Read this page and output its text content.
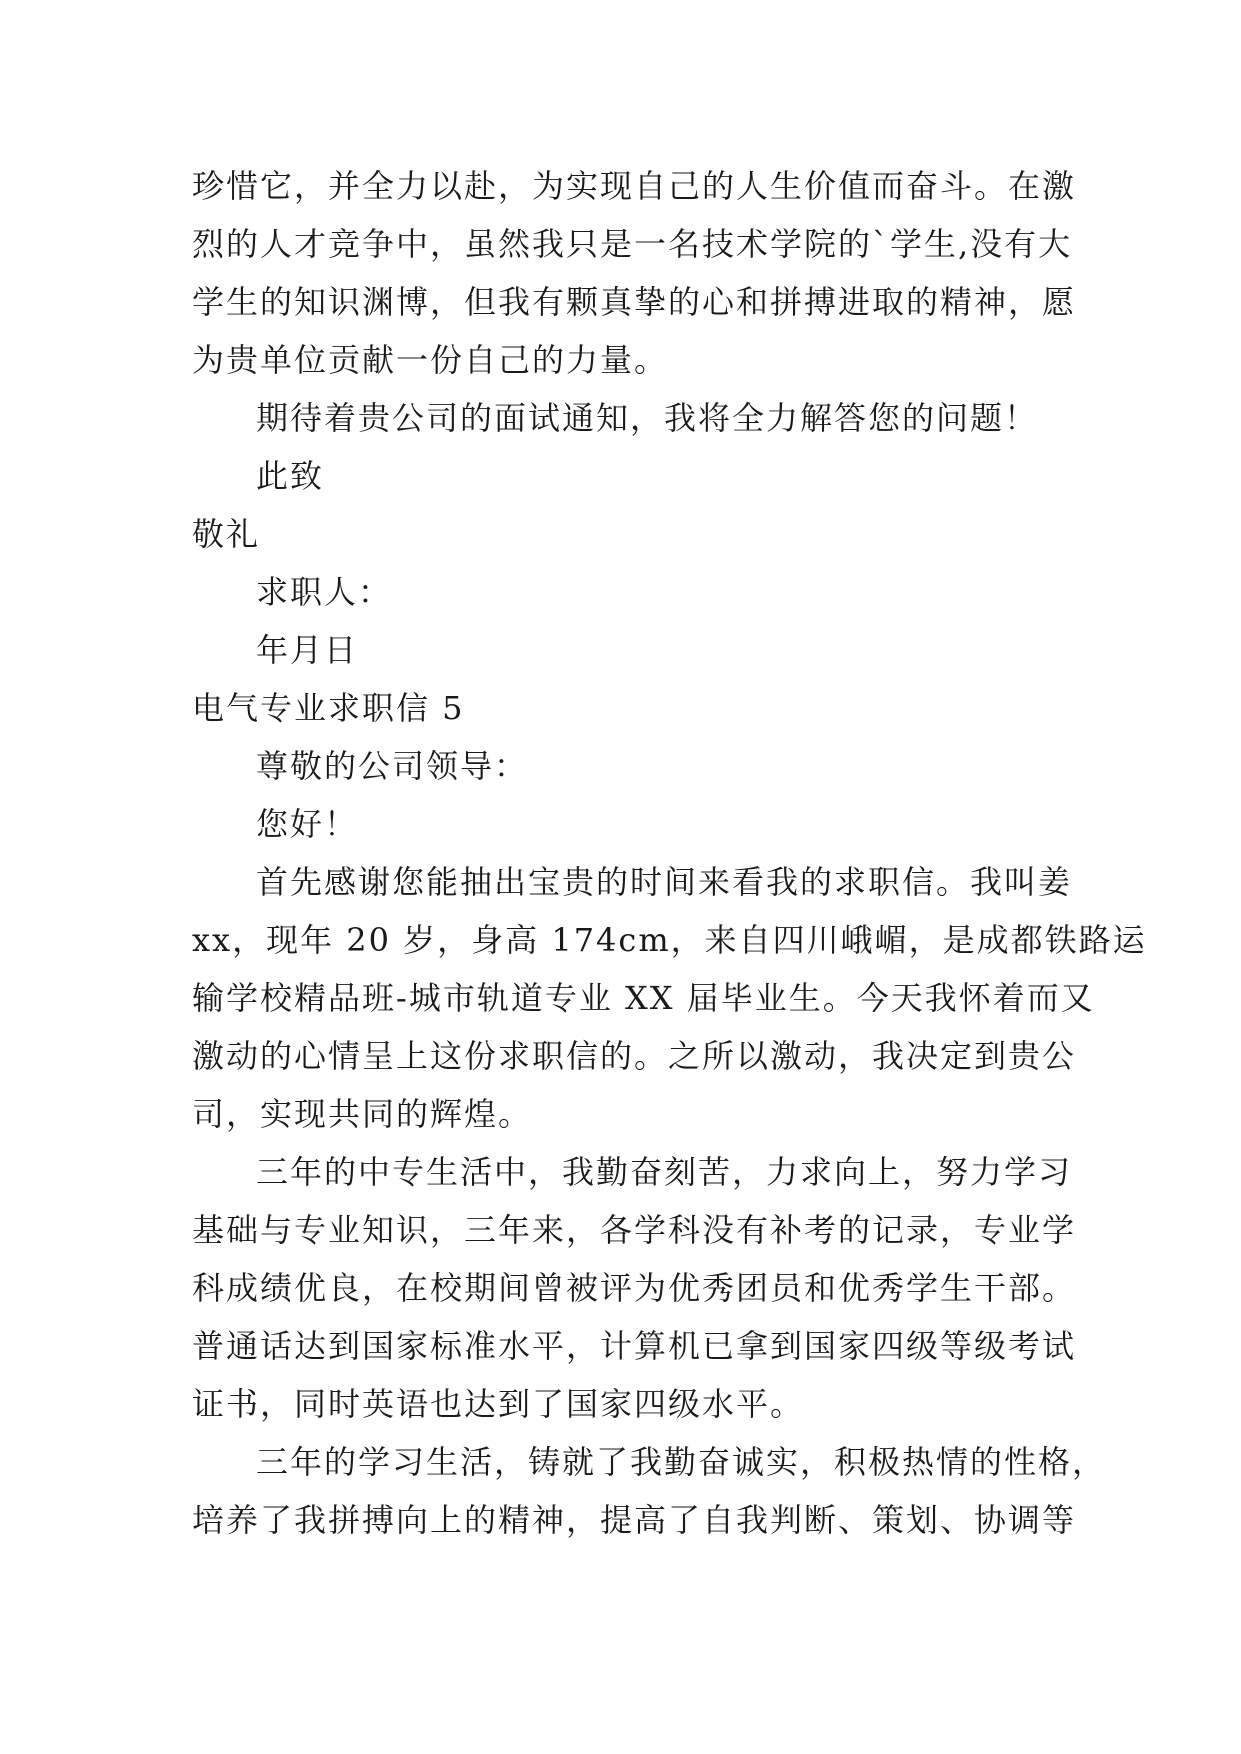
珍惜它，并全力以赴，为实现自己的人生价值而奋斗。在激
烈的人才竞争中，虽然我只是一名技术学院的`学生,没有大
学生的知识渊博，但我有颗真挚的心和拼搏进取的精神，愿
为贵单位贡献一份自己的力量。
期待着贵公司的面试通知，我将全力解答您的问题！
此致
敬礼
求职人：
年月日
电气专业求职信 5
尊敬的公司领导：
您好！
首先感谢您能抽出宝贵的时间来看我的求职信。我叫姜
xx，现年 20 岁，身高 174cm，来自四川峨嵋，是成都铁路运
输学校精品班-城市轨道专业 XX 届毕业生。今天我怀着而又
激动的心情呈上这份求职信的。之所以激动，我决定到贵公
司，实现共同的辉煌。
三年的中专生活中，我勤奋刻苦，力求向上，努力学习
基础与专业知识，三年来，各学科没有补考的记录，专业学
科成绩优良，在校期间曾被评为优秀团员和优秀学生干部。
普通话达到国家标准水平，计算机已拿到国家四级等级考试
证书，同时英语也达到了国家四级水平。
三年的学习生活，铸就了我勤奋诚实，积极热情的性格，
培养了我拼搏向上的精神，提高了自我判断、策划、协调等
